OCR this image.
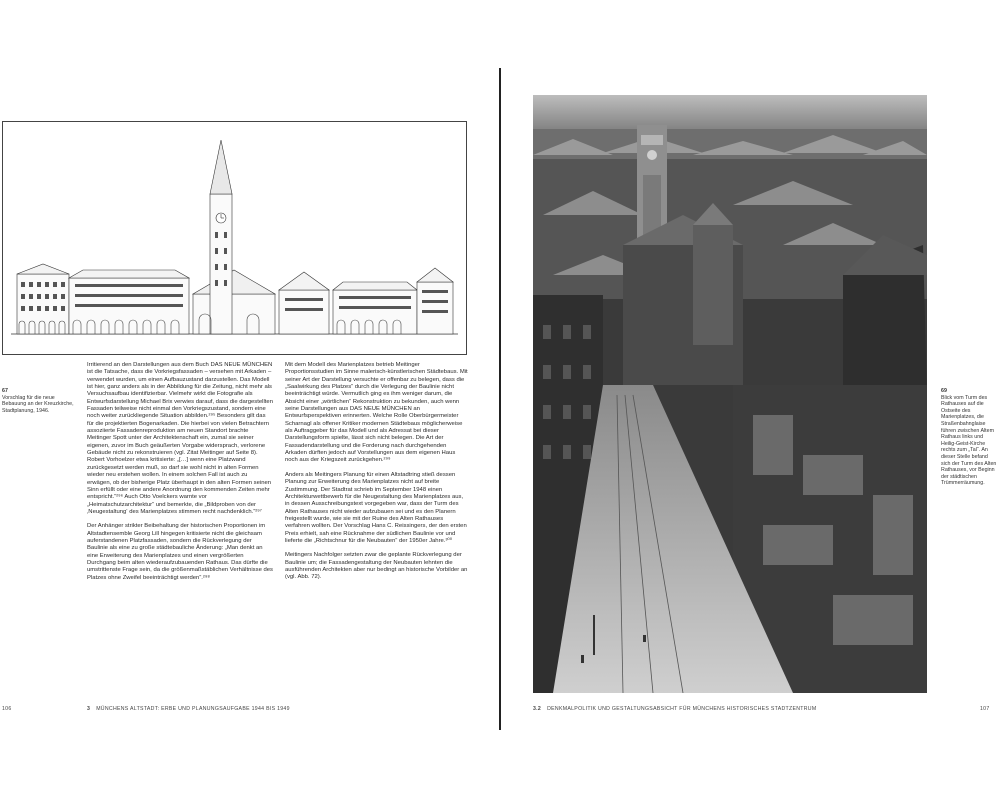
67
Vorschlag für die neue Bebauung an der Kreuzkirche, Stadtplanung, 1946.

Irritierend an den Darstellungen aus dem Buch DAS NEUE MÜNCHEN ist die Tatsache, dass die Vorkriegsfassaden – versehen mit Arkaden – verwendet wurden, um einen Aufbauzustand darzustellen. Das Modell ist hier, ganz anders als in der Abbildung für die Zeitung, nicht mehr als Versuchsaufbau identifizierbar. Vielmehr wirkt die Fotografie als Entwurfsdarstellung Michael Brix verwies darauf, dass die dargestellten Fassaden teilweise nicht einmal den Vorkriegszustand, sondern eine noch weiter zurückliegende Situation abbilden.²⁹⁵ Besonders gilt das für die projektierten Bogenarkaden. Die hierbei von vielen Betrachtern assoziierte Fassadenreproduktion am neuen Standort brachte Meitinger Spott unter der Architektenschaft ein, zumal sie seiner eigenen, zuvor im Buch geäußerten Vorgabe widersprach, verlorene Gebäude nicht zu rekonstruieren (vgl. Zitat Meitinger auf Seite 8). Robert Vorhoelzer etwa kritisierte: „[…] wenn eine Platzwand zurückgesetzt werden muß, so darf sie wohl nicht in alten Formen wieder neu erstehen wollen. In einem solchen Fall ist auch zu erwägen, ob der bisherige Platz überhaupt in den alten Formen seinen Sinn erfüllt oder eine andere Anordnung den kommenden Zeiten mehr entspricht.“²⁹⁶ Auch Otto Voelckers warnte vor „Heimatschutzarchitektur“ und bemerkte, die „Bildproben von der ‚Neugestaltung‘ des Marienplatzes stimmen recht nachdenklich.“²⁹⁷

Der Anhänger strikter Beibehaltung der historischen Proportionen im Altstadtensemble Georg Lill hingegen kritisierte nicht die gleichsam auferstandenen Platzfassaden, sondern die Rückverlegung der Baulinie als eine zu große städtebauliche Änderung: „Man denkt an eine Erweiterung des Marienplatzes und einen vergrößerten Durchgang beim alten wiederaufzubauenden Rathaus. Das dürfte die umstrittenste Frage sein, da die größenmaßstäblichen Verhältnisse des Platzes ohne Zweifel beeinträchtigt werden“.²⁹⁸

Mit dem Modell des Marienplatzes betrieb Meitinger Proportionsstudien im Sinne malerisch-künstlerischen Städtebaus. Mit seiner Art der Darstellung versuchte er offenbar zu belegen, dass die „Saalwirkung des Platzes“ durch die Verlegung der Baulinie nicht beeinträchtigt würde. Vermutlich ging es ihm weniger darum, die Absicht einer „wörtlichen“ Rekonstruktion zu bekunden, auch wenn seine Darstellungen aus DAS NEUE MÜNCHEN an Entwurfsperspektiven erinnerten. Welche Rolle Oberbürgermeister Scharnagl als offener Kritiker modernen Städtebaus möglicherweise als Auftraggeber für das Modell und als Adressat bei dieser Darstellungsform spielte, lässt sich nicht belegen. Die Art der Fassadendarstellung und die Forderung nach durchgehenden Arkaden dürften jedoch auf Vorstellungen aus dem eigenen Haus noch aus der Kriegszeit zurückgehen.²⁹⁹

Anders als Meitingers Planung für einen Altstadtring stieß dessen Planung zur Erweiterung des Marienplatzes nicht auf breite Zustimmung. Der Stadtrat schrieb im September 1948 einen Architekturwettbewerb für die Neugestaltung des Marienplatzes aus, in dessen Ausschreibungstext vorgegeben war, dass der Turm des Alten Rathauses nicht wieder aufzubauen sei und es den Planern freigestellt wurde, wie sie mit der Ruine des Alten Rathauses verfahren wollten. Der Vorschlag Hans C. Reissingers, der den ersten Preis erhielt, sah eine Rücknahme der südlichen Baulinie vor und lieferte die „Richtschnur für die Neubauten“ der 1950er Jahre.³⁰⁰

Meitingers Nachfolger setzten zwar die geplante Rückverlegung der Baulinie um; die Fassadengestaltung der Neubauten lehnten die ausführenden Architekten aber nur bedingt an historische Vorbilder an (vgl. Abb. 72).

106	3 MÜNCHENS ALTSTADT: ERBE UND PLANUNGSAUFGABE 1944 BIS 1949
69
Blick vom Turm des Rathauses auf die Ostseite des Marienplatzes, die Straßenbahnglaise führen zwischen Altem Rathaus links und Heilig-Geist-Kirche rechts zum „Tal“. An dieser Stelle befand sich der Turm des Alten Rathauses, vor Beginn der städtischen Trümmerräumung.
3.2 DENKMALPOLITIK UND GESTALTUNGSABSICHT FÜR MÜNCHENS HISTORISCHES STADTZENTRUM	107
